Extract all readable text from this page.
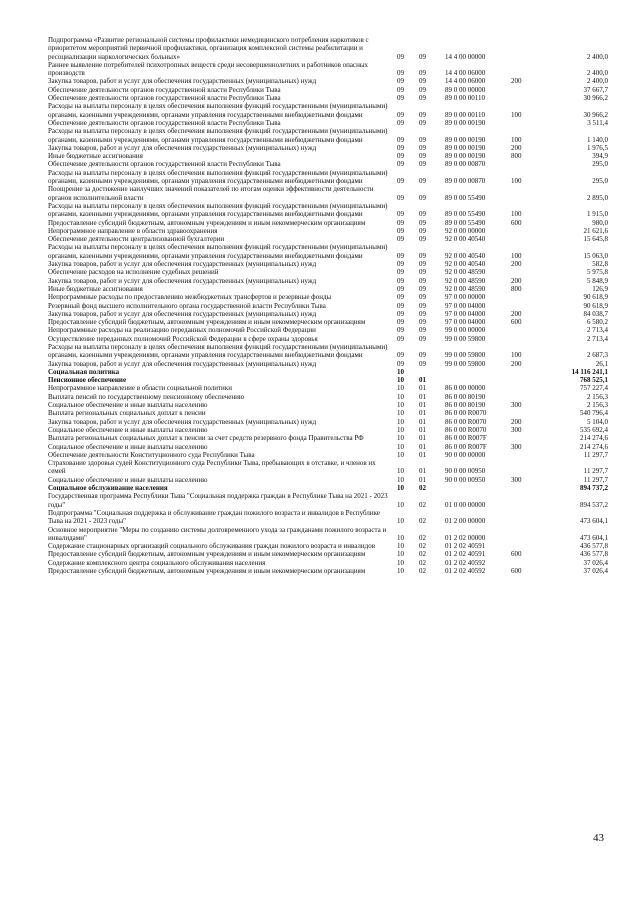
Подпрограмма «Развитие региональной системы профилактики немедицинского потребления наркотиков с приоритетом мероприятий первичной профилактики, организация комплексной системы реабилитации и ресоциализации наркологических больных»	09 09	14 4 00 00000	2 400,0
Раннее выявление потребителей психотропных веществ среди несовершеннолетних и работников опасных производств	09 09	14 4 00 06000	2 400,0
Закупка товаров, работ и услуг для обеспечения государственных (муниципальных) нужд	09 09	14 4 00 06000	200	2 400,0
Обеспечение деятельности органов государственной власти Республики Тыва	09 09	89 0 00 00000	37 667,7
Обеспечение деятельности органов государственной власти Республики Тыва	09 09	89 0 00 00110	30 966,2
Расходы на выплаты персоналу в целях обеспечения выполнения функций государственными (муниципальными) органами, казенными учреждениями, органами управления государственными внебюджетными фондами	09 09	89 0 00 00110	100	30 966,2
Обеспечение деятельности органов государственной власти Республики Тыва	09 09	89 0 00 00190	3 511,4
Расходы на выплаты персоналу в целях обеспечения выполнения функций государственными (муниципальными) органами, казенными учреждениями, органами управления государственными внебюджетными фондами	09 09	89 0 00 00190	100	1 140,0
Закупка товаров, работ и услуг для обеспечения государственных (муниципальных) нужд	09 09	89 0 00 00190	200	1 976,5
Иные бюджетные ассигнования	09 09	89 0 00 00190	800	394,9
Обеспечение деятельности органов государственной власти Республики Тыва	09 09	89 0 00 00870	295,0
Расходы на выплаты персоналу в целях обеспечения выполнения функций государственными (муниципальными) органами, казенными учреждениями, органами управления государственными внебюджетными фондами	09 09	89 0 00 00870	100	295,0
Поощрение за достижение наилучших значений показателей по итогам оценки эффективности деятельности органов исполнительной власти	09 09	89 0 00 55490	2 895,0
Расходы на выплаты персоналу в целях обеспечения выполнения функций государственными (муниципальными) органами, казенными учреждениями, органами управления государственными внебюджетными фондами	09 09	89 0 00 55490	100	1 915,0
Предоставление субсидий бюджетным, автономным учреждениям и иным некоммерческим организациям	09 09	89 0 00 55490	600	980,0
Непрограммное направление в области здравоохранения	09 09	92 0 00 00000	21 621,6
Обеспечение деятельности централизованной бухгалтерии	09 09	92 0 00 40540	15 645,8
Расходы на выплаты персоналу в целях обеспечения выполнения функций государственными (муниципальными) органами, казенными учреждениями, органами управления государственными внебюджетными фондами	09 09	92 0 00 40540	100	15 063,0
Закупка товаров, работ и услуг для обеспечения государственных (муниципальных) нужд	09 09	92 0 00 40540	200	582,8
Обеспечение расходов на исполнение судебных решений	09 09	92 0 00 48590	5 975,8
Закупка товаров, работ и услуг для обеспечения государственных (муниципальных) нужд	09 09	92 0 00 48590	200	5 848,9
Иные бюджетные ассигнования	09 09	92 0 00 48590	800	126,9
Непрограммные расходы по предоставлению межбюджетных трансфертов и резервные фонды	09 09	97 0 00 00000	90 618,9
Резервный фонд высшего исполнительного органа государственной власти Республики Тыва	09 09	97 0 00 04000	90 618,9
Закупка товаров, работ и услуг для обеспечения государственных (муниципальных) нужд	09 09	97 0 00 04000	200	84 038,7
Предоставление субсидий бюджетным, автономным учреждениям и иным некоммерческим организациям	09 09	97 0 00 04000	600	6 580,2
Непрограммные расходы на реализацию переданных полномочий Российской Федерации	09 09	99 0 00 00000	2 713,4
Осуществление переданных полномочий Российской Федерации в сфере охраны здоровья	09 09	99 0 00 59800	2 713,4
Расходы на выплаты персоналу в целях обеспечения выполнения функций государственными (муниципальными) органами, казенными учреждениями, органами управления государственными внебюджетными фондами	09 09	99 0 00 59800	100	2 687,3
Закупка товаров, работ и услуг для обеспечения государственных (муниципальных) нужд	09 09	99 0 00 59800	200	26,1
Социальная политика	10	14 116 241,1
Пенсионное обеспечение	10 01	768 525,1
Непрограммное направление в области социальной политики	10 01	86 0 00 00000	757 227,4
Выплата пенсий по государственному пенсионному обеспечению	10 01	86 0 00 80190	2 156,3
Социальное обеспечение и иные выплаты населению	10 01	86 0 00 80190	300	2 156,3
Выплата региональных социальных доплат к пенсии	10 01	86 0 00 R0070	540 796,4
Закупка товаров, работ и услуг для обеспечения государственных (муниципальных) нужд	10 01	86 0 00 R0070	200	5 104,0
Социальное обеспечение и иные выплаты населению	10 01	86 0 00 R0070	300	535 692,4
Выплата региональных социальных доплат к пенсии за счет средств резервного фонда Правительства РФ	10 01	86 0 00 R007F	214 274,6
Социальное обеспечение и иные выплаты населению	10 01	86 0 00 R007F	300	214 274,6
Обеспечение деятельности Конституционного суда Республики Тыва	10 01	90 0 00 00000	11 297,7
Страхование здоровья судей Конституционного суда Республики Тыва, пребывающих в отставке, и членов их семей	10 01	90 0 00 00950	11 297,7
Социальное обеспечение и иные выплаты населению	10 01	90 0 00 00950	300	11 297,7
Социальное обслуживание населения	10 02	894 737,2
Государственная программа Республики Тыва "Социальная поддержка граждан в Республике Тыва на 2021 - 2023 годы"	10 02	01 0 00 00000	894 537,2
Подпрограмма "Социальная поддержка и обслуживание граждан пожилого возраста и инвалидов в Республике Тыва на 2021 - 2023 годы"	10 02	01 2 00 00000	473 604,1
Основное мероприятие "Меры по созданию системы долговременного ухода за гражданами пожилого возраста и инвалидами"	10 02	01 2 02 00000	473 604,1
Содержание стационарных организаций социального обслуживания граждан пожилого возраста и инвалидов	10 02	01 2 02 40591	436 577,8
Предоставление субсидий бюджетным, автономным учреждениям и иным некоммерческим организациям	10 02	01 2 02 40591	600	436 577,8
Содержание комплексного центра социального обслуживания населения	10 02	01 2 02 40592	37 026,4
Предоставление субсидий бюджетным, автономным учреждениям и иным некоммерческим организациям	10 02	01 2 02 40592	600	37 026,4
43
